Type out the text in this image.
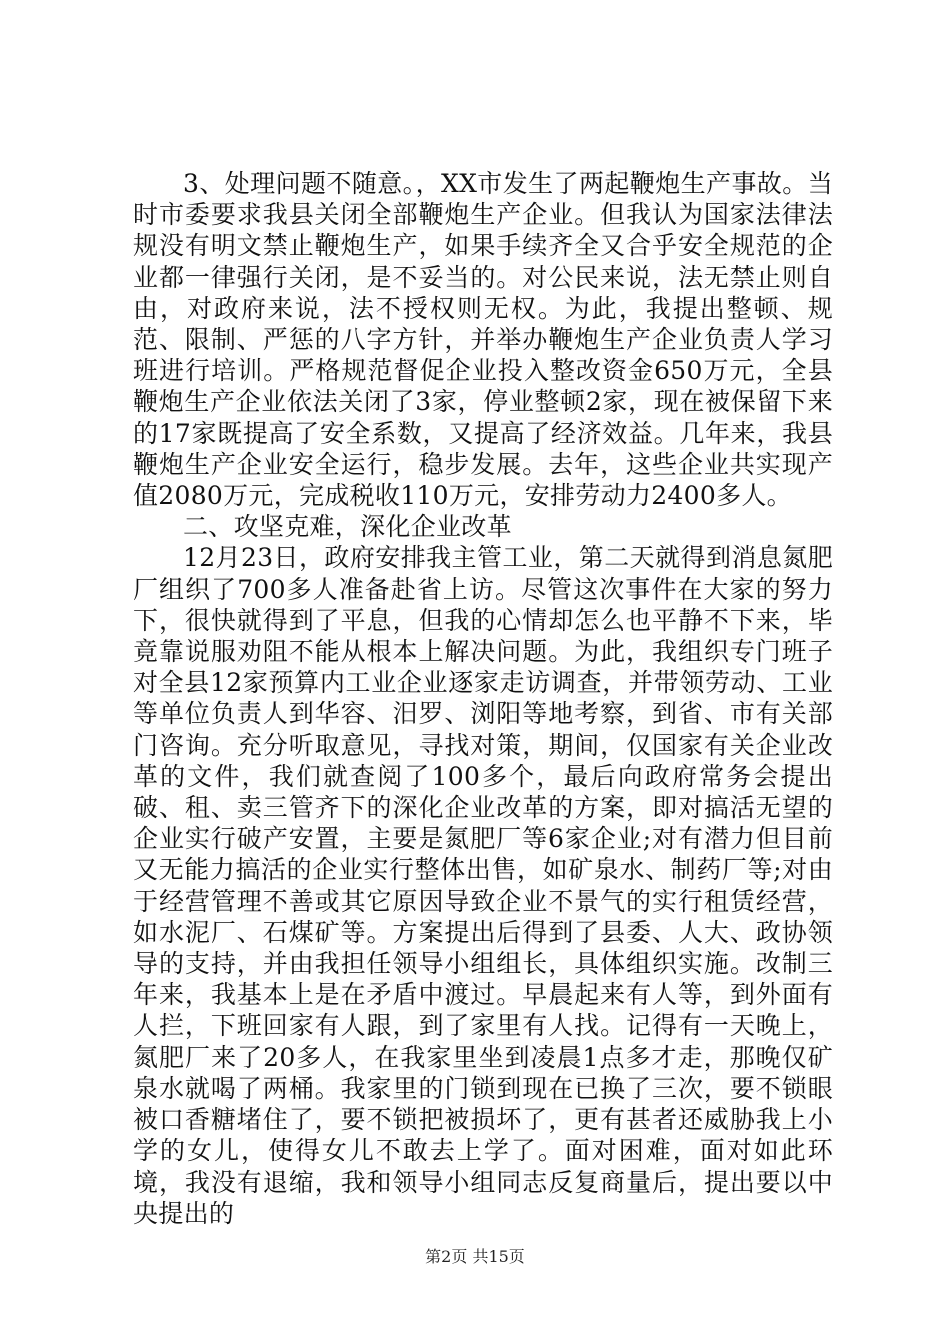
3、处理问题不随意。，XX市发生了两起鞭炮生产事故。当时市委要求我县关闭全部鞭炮生产企业。但我认为国家法律法规没有明文禁止鞭炮生产，如果手续齐全又合乎安全规范的企业都一律强行关闭，是不妥当的。对公民来说，法无禁止则自由，对政府来说，法不授权则无权。为此，我提出整顿、规范、限制、严惩的八字方针，并举办鞭炮生产企业负责人学习班进行培训。严格规范督促企业投入整改资金650万元，全县鞭炮生产企业依法关闭了3家，停业整顿2家，现在被保留下来的17家既提高了安全系数，又提高了经济效益。几年来，我县鞭炮生产企业安全运行，稳步发展。去年，这些企业共实现产值2080万元，完成税收110万元，安排劳动力2400多人。

二、攻坚克难，深化企业改革

12月23日，政府安排我主管工业，第二天就得到消息氮肥厂组织了700多人准备赴省上访。尽管这次事件在大家的努力下，很快就得到了平息，但我的心情却怎么也平静不下来，毕竟靠说服劝阻不能从根本上解决问题。为此，我组织专门班子对全县12家预算内工业企业逐家走访调查，并带领劳动、工业等单位负责人到华容、汨罗、浏阳等地考察，到省、市有关部门咨询。充分听取意见，寻找对策，期间，仅国家有关企业改革的文件，我们就查阅了100多个，最后向政府常务会提出破、租、卖三管齐下的深化企业改革的方案，即对搞活无望的企业实行破产安置，主要是氮肥厂等6家企业;对有潜力但目前又无能力搞活的企业实行整体出售，如矿泉水、制药厂等;对由于经营管理不善或其它原因导致企业不景气的实行租赁经营，如水泥厂、石煤矿等。方案提出后得到了县委、人大、政协领导的支持，并由我担任领导小组组长，具体组织实施。改制三年来，我基本上是在矛盾中渡过。早晨起来有人等，到外面有人拦，下班回家有人跟，到了家里有人找。记得有一天晚上，氮肥厂来了20多人，在我家里坐到凌晨1点多才走，那晚仅矿泉水就喝了两桶。我家里的门锁到现在已换了三次，要不锁眼被口香糖堵住了，要不锁把被损坏了，更有甚者还威胁我上小学的女儿，使得女儿不敢去上学了。面对困难，面对如此环境，我没有退缩，我和领导小组同志反复商量后，提出要以中央提出的

第2页 共15页
